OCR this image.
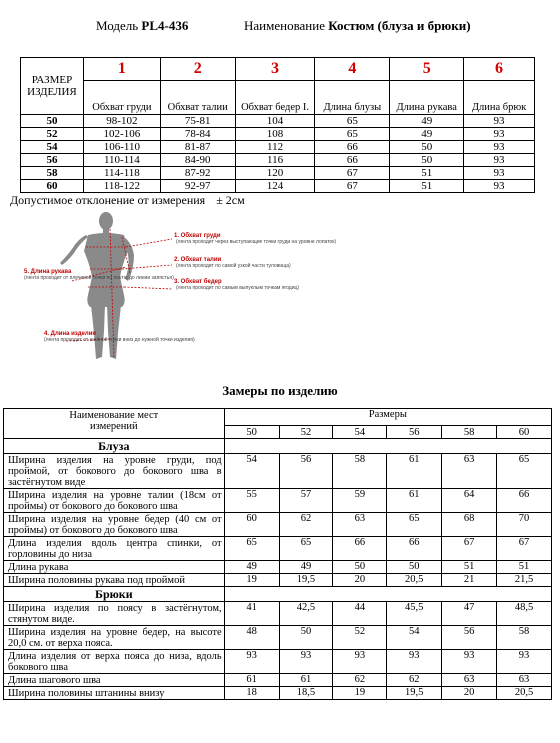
Модель PL4-436	Наименование Костюм (блуза и брюки)
РАЗМЕР ИЗДЕЛИЯ	1	2	3	4	5	6
	Обхват груди	Обхват талии	Обхват бедер I.	Длина блузы	Длина рукава	Длина брюк
50	98-102	75-81	104	65	49	93
52	102-106	78-84	108	65	49	93
54	106-110	81-87	112	66	50	93
56	110-114	84-90	116	66	50	93
58	114-118	87-92	120	67	51	93
60	118-122	92-97	124	67	51	93
Допустимое отклонение от измерения ± 2см
1. Обхват груди
(лента проходит через выступающие точки груди на уровне лопаток)
2. Обхват талии
(лента проходит по самой узкой части туловища)
3. Обхват бедер
(лента проходит по самым выпуклым точкам ягодиц)
5. Длина рукава
(лента проходит от плечевой точки по локтю до линии запястья)
4. Длина изделия
(лента проходит от шейной точки вниз до нужной точки изделия)
Замеры по изделию
Наименование мест измерений	Размеры					
	50	52	54	56	58	60
Блуза						
Ширина изделия на уровне груди, под проймой, от бокового до бокового шва в застёгнутом виде	54	56	58	61	63	65
Ширина изделия на уровне талии (18см от проймы) от бокового до бокового шва	55	57	59	61	64	66
Ширина изделия на уровне бедер (40 см от проймы) от бокового до бокового шва	60	62	63	65	68	70
Длина изделия вдоль центра спинки, от горловины до низа	65	65	66	66	67	67
Длина рукава	49	49	50	50	51	51
Ширина половины рукава под проймой	19	19,5	20	20,5	21	21,5
Брюки						
Ширина изделия по поясу в застёгнутом, стянутом виде.	41	42,5	44	45,5	47	48,5
Ширина изделия на уровне бедер, на высоте 20,0 см. от верха пояса.	48	50	52	54	56	58
Длина изделия от верха пояса до низа, вдоль бокового шва	93	93	93	93	93	93
Длина шагового шва	61	61	62	62	63	63
Ширина половины штанины внизу	18	18,5	19	19,5	20	20,5
